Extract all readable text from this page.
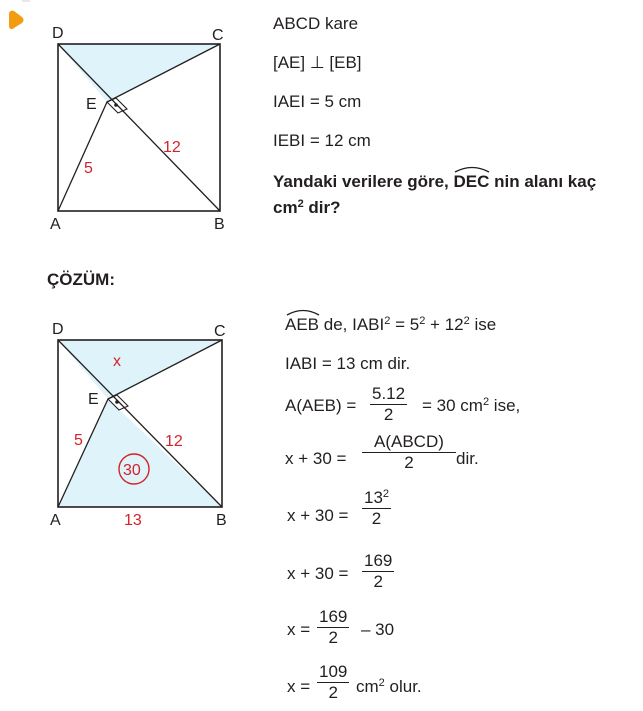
D	C
A	B
E
5
12
ABCD kare
[AE] ⊥ [EB]
IAEI = 5 cm
IEBI = 12 cm
Yandaki verilere göre,
DEC nin alanı kaç
$cm^2$ dir?
ÇÖZÜM:
D	C
A	B
E
x
5	12
13
30
AEB de, $IABI^2 = 5^2 + 12^2$ ise
IABI = 13 cm dir.
A(AEB) =
5.12
2 = 30 $cm^2$ ise,
x + 30 =
A(ABCD)
2 dir.
x + 30 =
$13^2$
2
x + 30 =
169
2
x =
169
2 – 30
x =
109
2 $cm^2$ olur.
